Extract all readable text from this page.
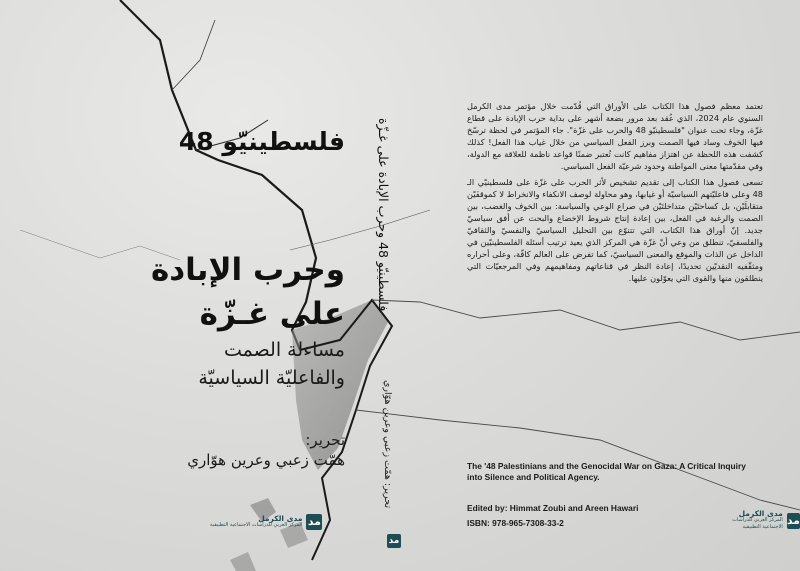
فلسطينيّو 48
وحرب الإبادة
على غـزّة
مساءلة الصمت
والفاعليّة السياسيّة
تحرير:
همّت زعبي وعرين هوّاري
مدى الكرمل
المركز العربي للدراسات الاجتماعية التطبيقية ﻣﺪ
فلسطينيّو 48 وحرب الإبادة على غـزّة
تحرير: همّت زعبي وعرين هوّاري
ﻣﺪ

تعتمد معظم فصول هذا الكتاب على الأوراق التي قُدّمت خلال مؤتمر مدى الكرمل السنوي عام 2024، الذي عُقد بعد مرور بضعة أشهر على بداية حرب الإبادة على قطاع غزّة، وجاء تحت عنوان "فلسطينيّو 48 والحرب على غزّة". جاء المؤتمر في لحظة ترسّخ فيها الخوف وساد فيها الصمت وبرز الفعل السياسي من خلال غياب هذا الفعل! كذلك كشفت هذه اللحظة عن اهتزاز مفاهيم كانت تُعتبر ضمنًا قواعد ناظمة للعلاقة مع الدولة، وفي مقدّمتها معنى المواطنة وحدود شرعيّة الفعل السياسي.

تسعى فصول هذا الكتاب إلى تقديم تشخيص لأثر الحرب على غزّة على فلسطينيّي الـ 48 وعلى فاعليّتهم السياسيّة أو غيابها، وهو محاولة لوصف الانكفاء والانخراط لا كموقفَيْن متقابلَيْن، بل كساحتَيْن متداخلتَيْن في صراع الوعي والسياسة: بين الخوف والغضب، بين الصمت والرغبة في الفعل، بين إعادة إنتاج شروط الإخضاع والبحث عن أفق سياسيّ جديد. إنّ أوراق هذا الكتاب، التي تتنوّع بين التحليل السياسيّ والنفسيّ والثقافيّ والفلسفيّ، تنطلق من وعي أنّ غزّة هي المركز الذي يعيد ترتيب أسئلة الفلسطينيّين في الداخل عن الذات والموقع والمعنى السياسيّ، كما تفرض على العالم كافّة، وعلى أحراره ومثقّفيه النقديّين تحديدًا، إعادة النظر في قناعاتهم ومفاهيمهم وفي المرجعيّات التي ينطلقون منها والقوى التي يعوّلون عليها.

The '48 Palestinians and the Genocidal War on Gaza: A Critical Inquiry into Silence and Political Agency.
Edited by: Himmat Zoubi and Areen Hawari
ISBN: 978-965-7308-33-2
مدى الكرمل
المركز العربي للدراسات الاجتماعية التطبيقية
ﻣﺪ
